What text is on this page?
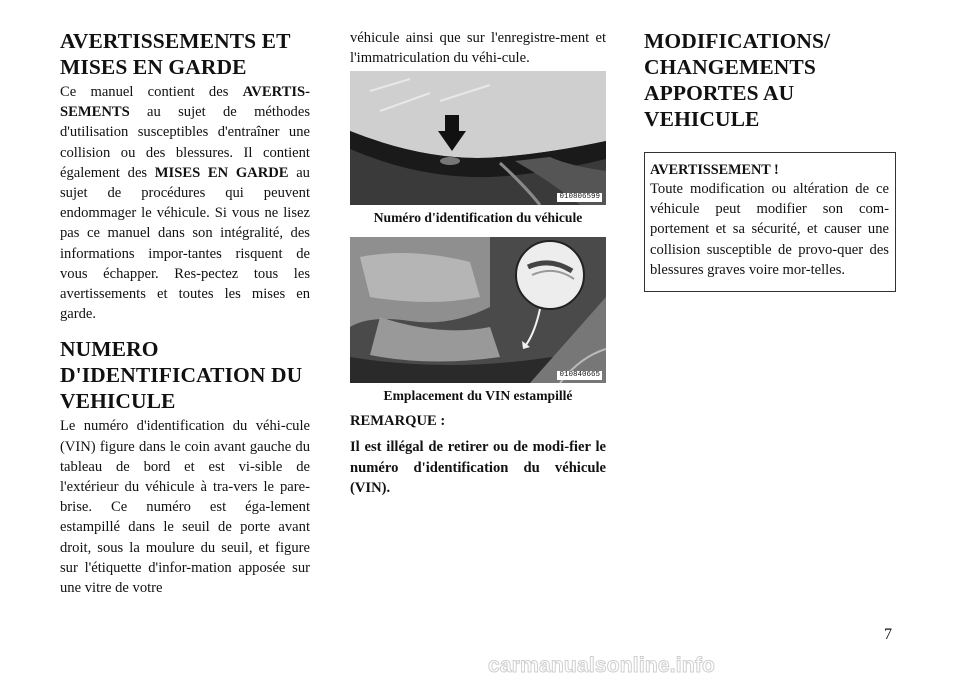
AVERTISSEMENTS ET MISES EN GARDE

Ce manuel contient des AVERTIS-SEMENTS au sujet de méthodes d'utilisation susceptibles d'entraîner une collision ou des blessures. Il contient également des MISES EN GARDE au sujet de procédures qui peuvent endommager le véhicule. Si vous ne lisez pas ce manuel dans son intégralité, des informations impor-tantes risquent de vous échapper. Res-pectez tous les avertissements et toutes les mises en garde.

NUMERO D'IDENTIFICATION DU VEHICULE

Le numéro d'identification du véhi-cule (VIN) figure dans le coin avant gauche du tableau de bord et est vi-sible de l'extérieur du véhicule à tra-vers le pare-brise. Ce numéro est éga-lement estampillé dans le seuil de porte avant droit, sous la moulure du seuil, et figure sur l'étiquette d'infor-mation apposée sur une vitre de votre

véhicule ainsi que sur l'enregistre-ment et l'immatriculation du véhi-cule.

010806599
Numéro d'identification du véhicule
010840665
Emplacement du VIN estampillé
REMARQUE :

Il est illégal de retirer ou de modi-fier le numéro d'identification du véhicule (VIN).

MODIFICATIONS/ CHANGEMENTS APPORTES AU VEHICULE
AVERTISSEMENT !

Toute modification ou altération de ce véhicule peut modifier son com-portement et sa sécurité, et causer une collision susceptible de provo-quer des blessures graves voire mor-telles.

7
carmanualsonline.info
